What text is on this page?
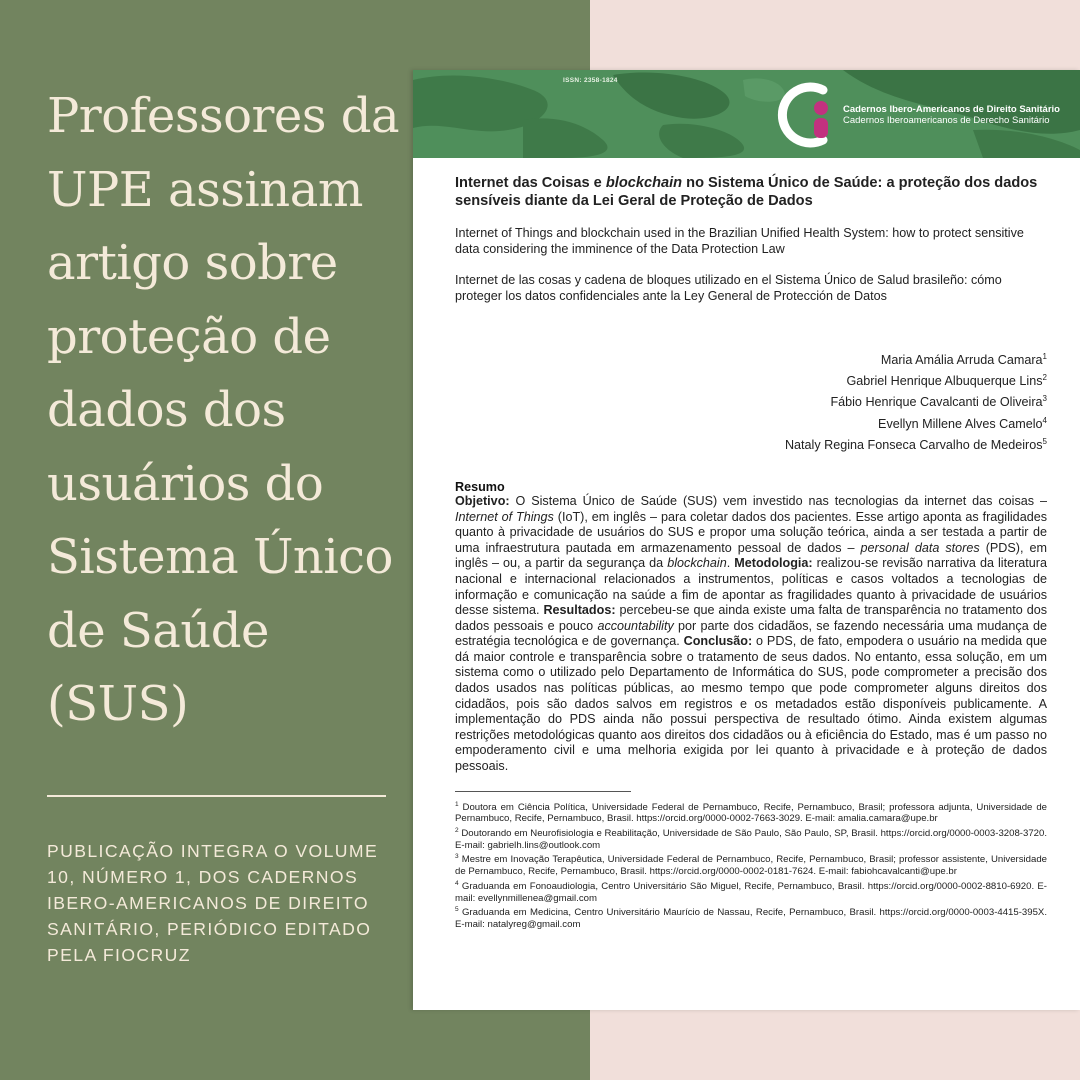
Professores da UPE assinam artigo sobre proteção de dados dos usuários do Sistema Único de Saúde (SUS)

PUBLICAÇÃO INTEGRA O VOLUME 10, NÚMERO 1, DOS CADERNOS IBERO-AMERICANOS DE DIREITO SANITÁRIO, PERIÓDICO EDITADO PELA FIOCRUZ

ISSN: 2358-1824
Cadernos Ibero-Americanos de Direito Sanitário
Cadernos Iberoamericanos de Derecho Sanitário
Internet das Coisas e blockchain no Sistema Único de Saúde: a proteção dos dados sensíveis diante da Lei Geral de Proteção de Dados

Internet of Things and blockchain used in the Brazilian Unified Health System: how to protect sensitive data considering the imminence of the Data Protection Law

Internet de las cosas y cadena de bloques utilizado en el Sistema Único de Salud brasileño: cómo proteger los datos confidenciales ante la Ley General de Protección de Datos

Maria Amália Arruda Camara$^1$
Gabriel Henrique Albuquerque Lins$^2$
Fábio Henrique Cavalcanti de Oliveira$^3$
Evellyn Millene Alves Camelo$^4$
Nataly Regina Fonseca Carvalho de Medeiros$^5$
Resumo

Objetivo: O Sistema Único de Saúde (SUS) vem investido nas tecnologias da internet das coisas – Internet of Things (IoT), em inglês – para coletar dados dos pacientes. Esse artigo aponta as fragilidades quanto à privacidade de usuários do SUS e propor uma solução teórica, ainda a ser testada a partir de uma infraestrutura pautada em armazenamento pessoal de dados – personal data stores (PDS), em inglês – ou, a partir da segurança da blockchain. Metodologia: realizou-se revisão narrativa da literatura nacional e internacional relacionados a instrumentos, políticas e casos voltados a tecnologias de informação e comunicação na saúde a fim de apontar as fragilidades quanto à privacidade de usuários desse sistema. Resultados: percebeu-se que ainda existe uma falta de transparência no tratamento dos dados pessoais e pouco accountability por parte dos cidadãos, se fazendo necessária uma mudança de estratégia tecnológica e de governança. Conclusão: o PDS, de fato, empodera o usuário na medida que dá maior controle e transparência sobre o tratamento de seus dados. No entanto, essa solução, em um sistema como o utilizado pelo Departamento de Informática do SUS, pode comprometer a precisão dos dados usados nas políticas públicas, ao mesmo tempo que pode comprometer alguns direitos dos cidadãos, pois são dados salvos em registros e os metadados estão disponíveis publicamente. A implementação do PDS ainda não possui perspectiva de resultado ótimo. Ainda existem algumas restrições metodológicas quanto aos direitos dos cidadãos ou à eficiência do Estado, mas é um passo no empoderamento civil e uma melhoria exigida por lei quanto à privacidade e à proteção de dados pessoais.

$^1$ Doutora em Ciência Política, Universidade Federal de Pernambuco, Recife, Pernambuco, Brasil; professora adjunta, Universidade de Pernambuco, Recife, Pernambuco, Brasil. https://orcid.org/0000-0002-7663-3029. E-mail: amalia.camara@upe.br

$^2$ Doutorando em Neurofisiologia e Reabilitação, Universidade de São Paulo, São Paulo, SP, Brasil. https://orcid.org/0000-0003-3208-3720. E-mail: gabrielh.lins@outlook.com

$^3$ Mestre em Inovação Terapêutica, Universidade Federal de Pernambuco, Recife, Pernambuco, Brasil; professor assistente, Universidade de Pernambuco, Recife, Pernambuco, Brasil. https://orcid.org/0000-0002-0181-7624. E-mail: fabiohcavalcanti@upe.br

$^4$ Graduanda em Fonoaudiologia, Centro Universitário São Miguel, Recife, Pernambuco, Brasil. https://orcid.org/0000-0002-8810-6920. E-mail: evellynmillenea@gmail.com

$^5$ Graduanda em Medicina, Centro Universitário Maurício de Nassau, Recife, Pernambuco, Brasil. https://orcid.org/0000-0003-4415-395X. E-mail: natalyreg@gmail.com
